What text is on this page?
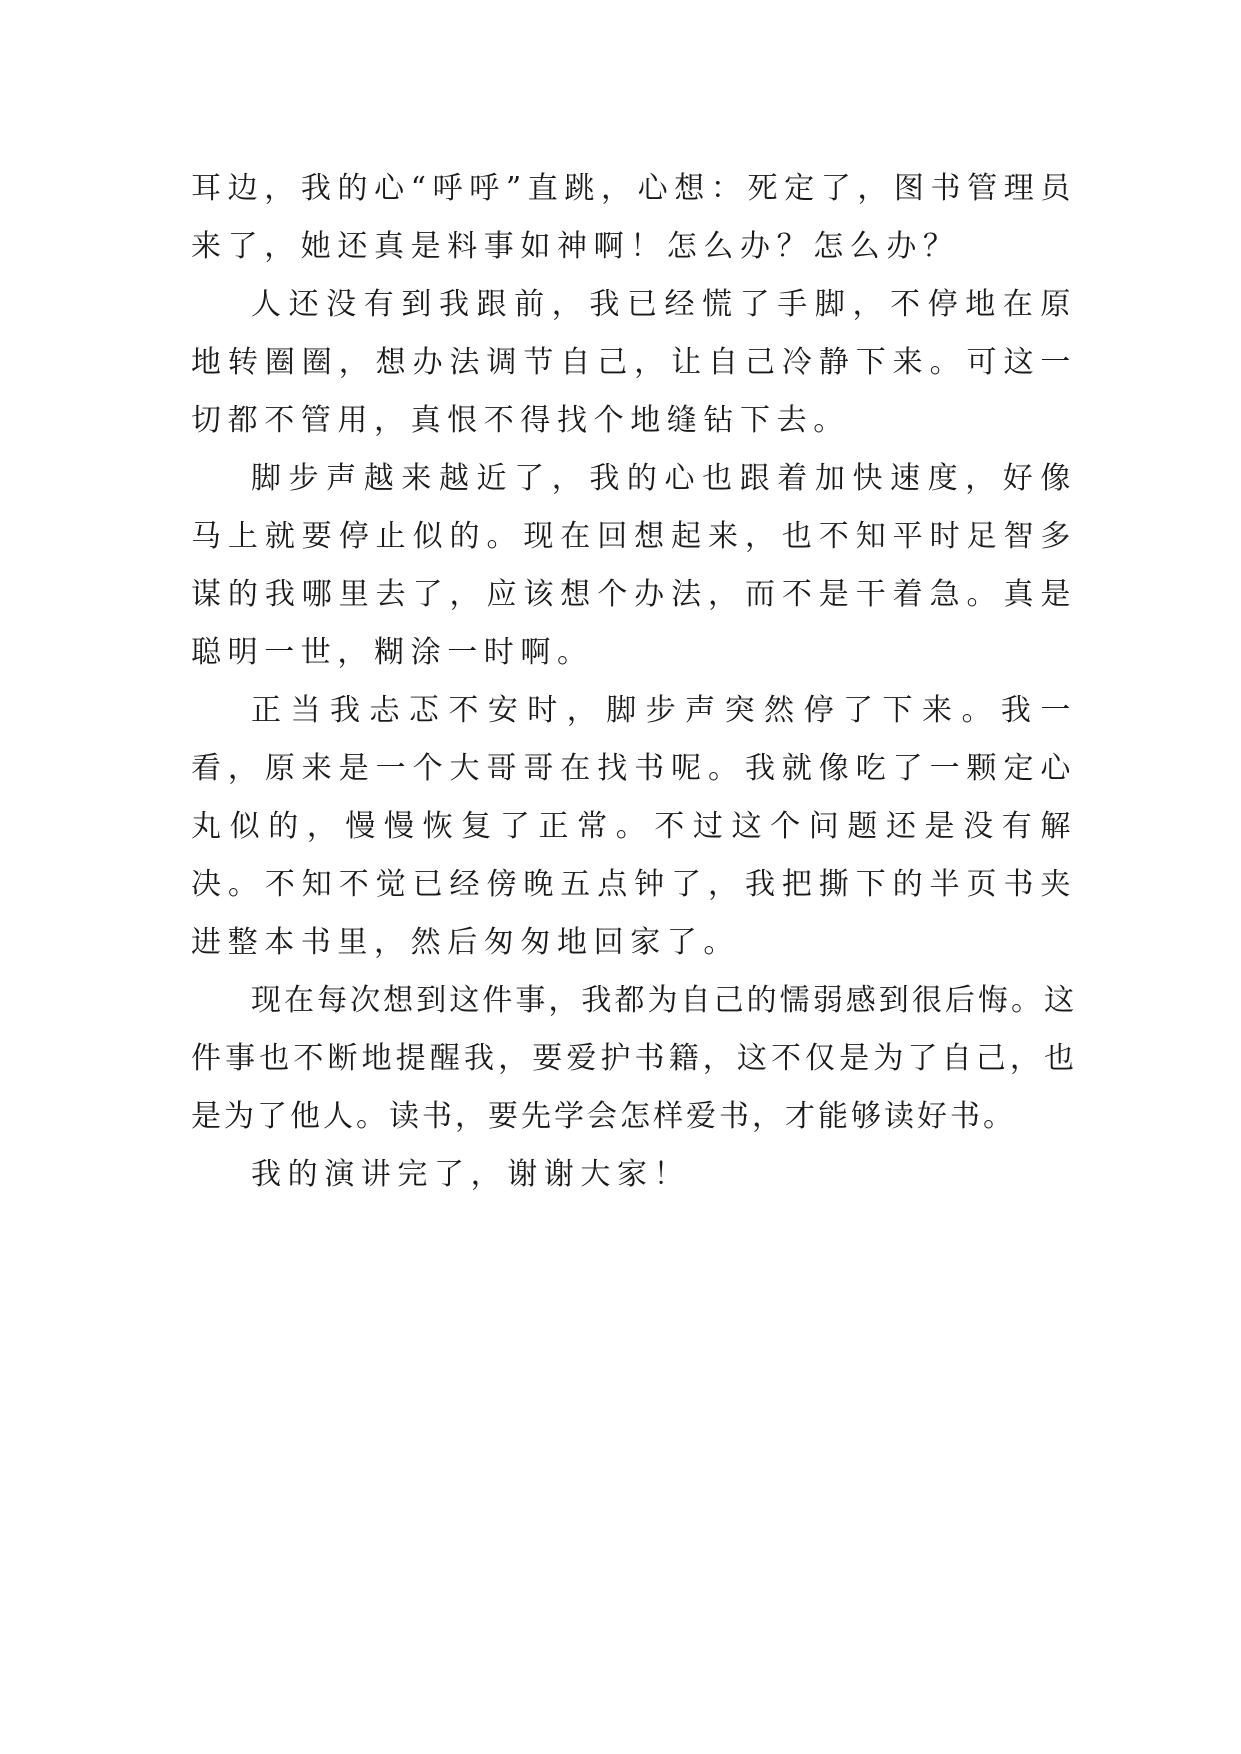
耳边，我的心“呼呼”直跳，心想：死定了，图书管理员来了，她还真是料事如神啊！怎么办？怎么办？

人还没有到我跟前，我已经慌了手脚，不停地在原地转圈圈，想办法调节自己，让自己冷静下来。可这一切都不管用，真恨不得找个地缝钻下去。

脚步声越来越近了，我的心也跟着加快速度，好像马上就要停止似的。现在回想起来，也不知平时足智多谋的我哪里去了，应该想个办法，而不是干着急。真是聪明一世，糊涂一时啊。

正当我忐忑不安时，脚步声突然停了下来。我一看，原来是一个大哥哥在找书呢。我就像吃了一颗定心丸似的，慢慢恢复了正常。不过这个问题还是没有解决。不知不觉已经傍晚五点钟了，我把撕下的半页书夹进整本书里，然后匆匆地回家了。

现在每次想到这件事，我都为自己的懦弱感到很后悔。这件事也不断地提醒我，要爱护书籍，这不仅是为了自己，也是为了他人。读书，要先学会怎样爱书，才能够读好书。

我的演讲完了，谢谢大家！
